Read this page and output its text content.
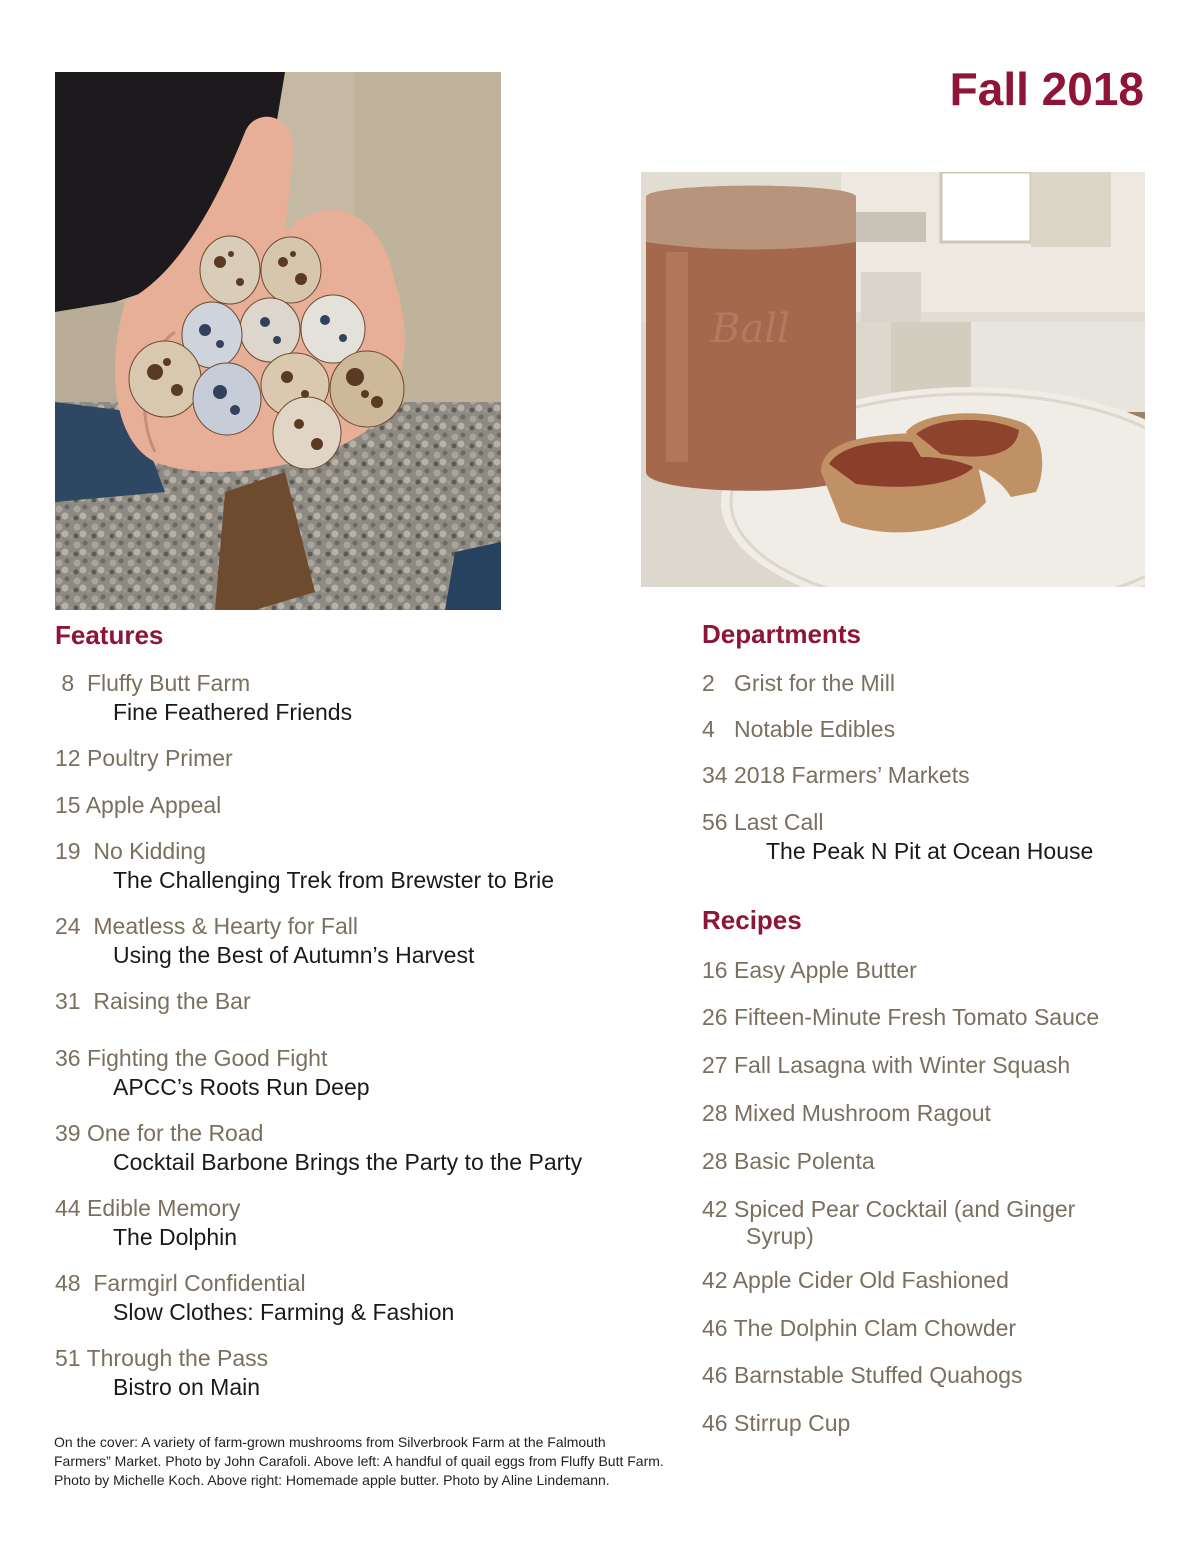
Fall 2018
Ball
Features
8 Fluffy Butt Farm
Fine Feathered Friends
12 Poultry Primer
15 Apple Appeal
19  No Kidding
The Challenging Trek from Brewster to Brie
24  Meatless & Hearty for Fall
Using the Best of Autumn’s Harvest
31  Raising the Bar
36 Fighting the Good Fight
APCC’s Roots Run Deep
39 One for the Road
Cocktail Barbone Brings the Party to the Party
44 Edible Memory
The Dolphin
48  Farmgirl Confidential
Slow Clothes: Farming & Fashion
51 Through the Pass
Bistro on Main
Departments
2   Grist for the Mill
4   Notable Edibles
34 2018 Farmers’ Markets
56 Last Call
The Peak N Pit at Ocean House
Recipes
16 Easy Apple Butter
26 Fifteen-Minute Fresh Tomato Sauce
27 Fall Lasagna with Winter Squash
28 Mixed Mushroom Ragout
28 Basic Polenta
42 Spiced Pear Cocktail (and Ginger
Syrup)
42 Apple Cider Old Fashioned
46 The Dolphin Clam Chowder
46 Barnstable Stuffed Quahogs
46 Stirrup Cup

On the cover: A variety of farm-grown mushrooms from Silverbrook Farm at the Falmouth Farmers” Market. Photo by John Carafoli. Above left: A handful of quail eggs from Fluffy Butt Farm. Photo by Michelle Koch. Above right: Homemade apple butter. Photo by Aline Lindemann.
